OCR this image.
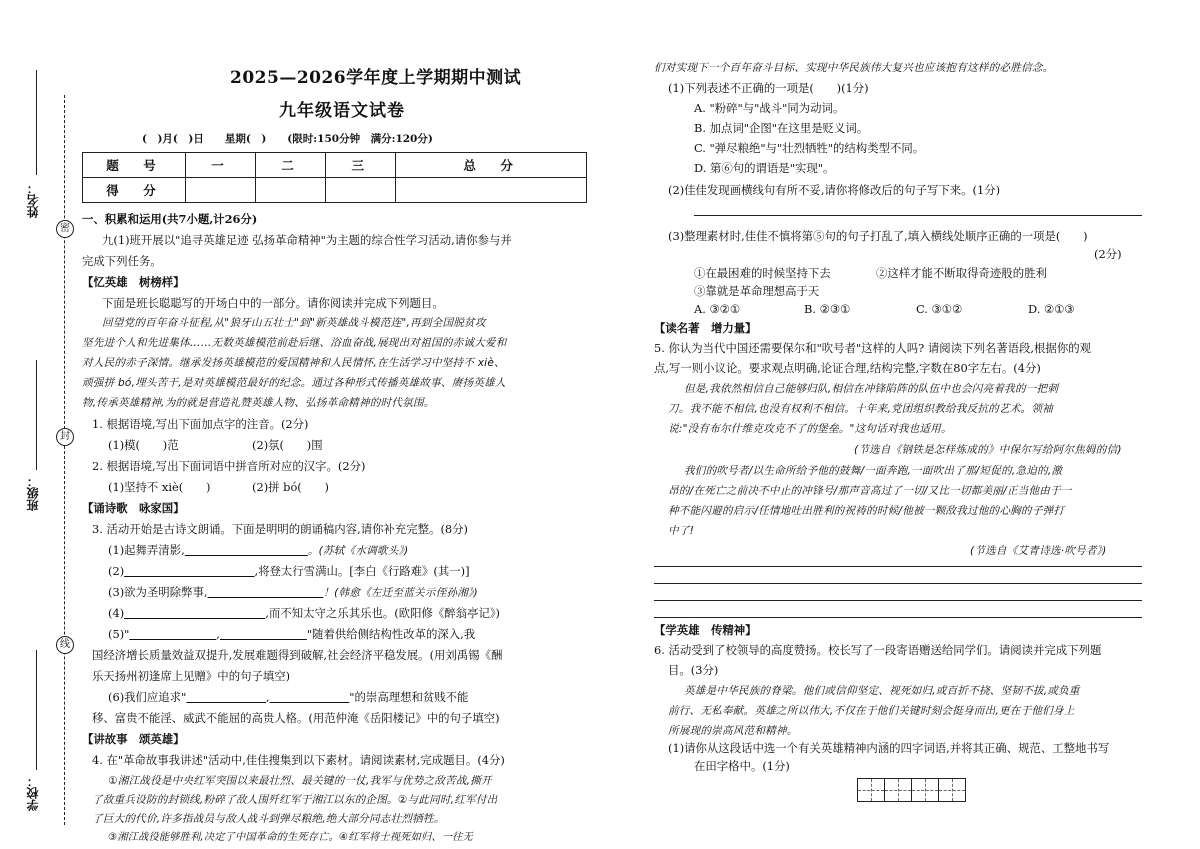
姓名：
班级：
学校：
密
封
线
2025—2026学年度上学期期中测试
九年级语文试卷
(　)月(　)日　　星期(　)　　(限时:150分钟　满分:120分)
题　号	一	二	三	总　分
得　分				
一、积累和运用(共7小题,计26分)
九(1)班开展以"追寻英雄足迹 弘扬革命精神"为主题的综合性学习活动,请你参与并
完成下列任务。
【忆英雄　树榜样】
下面是班长聪聪写的开场白中的一部分。请你阅读并完成下列题目。
回望党的百年奋斗征程,从"狼牙山五壮士"到"新英雄战斗模范连",再到全国脱贫攻
坚先进个人和先进集体……无数英雄模范前赴后继、浴血奋战,展现出对祖国的赤诚大爱和
对人民的赤子深情。继承发扬英雄模范的爱国精神和人民情怀,在生活学习中坚持不 xiè、
顽强拼 bó,埋头苦干,是对英雄模范最好的纪念。通过各种形式传播英雄故事、赓扬英雄人
物,传承英雄精神,为的就是营造礼赞英雄人物、弘扬革命精神的时代氛围。
1. 根据语境,写出下面加点字的注音。(2分)
(1)模(　　)范	(2)氛(　　)围
2. 根据语境,写出下面词语中拼音所对应的汉字。(2分)
(1)坚持不 xiè(　　)	(2)拼 bó(　　)
【诵诗歌　咏家国】
3. 活动开始是古诗文朗诵。下面是明明的朗诵稿内容,请你补充完整。(8分)
(1)起舞弄清影,	。(苏轼《水调歌头》)
(2)	,将登太行雪满山。[李白《行路难》(其一)]
(3)欲为圣明除弊事,	！(韩愈《左迁至蓝关示侄孙湘》)
(4)	,而不知太守之乐其乐也。(欧阳修《醉翁亭记》)
(5)"	,	"随着供给侧结构性改革的深入,我
国经济增长质量效益双提升,发展难题得到破解,社会经济平稳发展。(用刘禹锡《酬
乐天扬州初逢席上见赠》中的句子填空)
(6)我们应追求"	,	"的崇高理想和贫贱不能
移、富贵不能淫、威武不能屈的高贵人格。(用范仲淹《岳阳楼记》中的句子填空)
【讲故事　颂英雄】
4. 在"革命故事我讲述"活动中,佳佳搜集到以下素材。请阅读素材,完成题目。(4分)
①湘江战役是中央红军突围以来最壮烈、最关键的一仗,我军与优势之敌苦战,撕开
了敌重兵设防的封锁线,粉碎了敌人围歼红军于湘江以东的企图。②与此同时,红军付出
了巨大的代价,许多指战员与敌人战斗到弹尽粮绝,绝大部分同志壮烈牺牲。
们对实现下一个百年奋斗目标、实现中华民族伟大复兴也应该抱有这样的必胜信念。
(1)下列表述不正确的一项是(　　)(1分)
A. "粉碎"与"战斗"同为动词。
B. 加点词"企图"在这里是贬义词。
C. "弹尽粮绝"与"壮烈牺牲"的结构类型不同。
D. 第⑥句的谓语是"实现"。
(2)佳佳发现画横线句有所不妥,请你将修改后的句子写下来。(1分)
(3)整理素材时,佳佳不慎将第⑤句的句子打乱了,填入横线处顺序正确的一项是(　　)
(2分)
①在最困难的时候坚持下去	②这样才能不断取得奇迹般的胜利
③靠就是革命理想高于天
A. ③②①	B. ②③①	C. ③①②	D. ②①③
【读名著　增力量】
5. 你认为当代中国还需要保尔和"吹号者"这样的人吗? 请阅读下列名著语段,根据你的观
点,写一则小议论。要求观点明确,论证合理,结构完整,字数在80字左右。(4分)
但是,我依然相信自己能够归队,相信在冲锋陷阵的队伍中也会闪亮着我的一把刺
刀。我不能不相信,也没有权利不相信。十年来,党团组织教给我反抗的艺术。领袖
说:"没有布尔什维克攻克不了的堡垒。"这句话对我也适用。
(节选自《钢铁是怎样炼成的》中保尔写给阿尔焦姆的信)
我们的吹号者/以生命所给予他的鼓舞/一面奔跑,一面吹出了那/短促的,急迫的,激
昂的/在死亡之前决不中止的冲锋号/那声音高过了一切/又比一切都美丽/正当他由于一
种不能闪避的启示/任情地吐出胜利的祝祷的时候/他被一颗敌我过他的心胸的子弹打
中了!
(节选自《艾青诗选·吹号者》)
【学英雄　传精神】
6. 活动受到了校领导的高度赞扬。校长写了一段寄语赠送给同学们。请阅读并完成下列题
目。(3分)
英雄是中华民族的脊梁。他们或信仰坚定、视死如归,或百折不挠、坚韧不拔,或负重
前行、无私奉献。英雄之所以伟大,不仅在于他们关键时刻会挺身而出,更在于他们身上
所展现的崇高风范和精神。
(1)请你从这段话中选一个有关英雄精神内涵的四字词语,并将其正确、规范、工整地书写
在田字格中。(1分)
③湘江战役能够胜利,决定了中国革命的生死存亡。④红军将士视死如归、一往无
